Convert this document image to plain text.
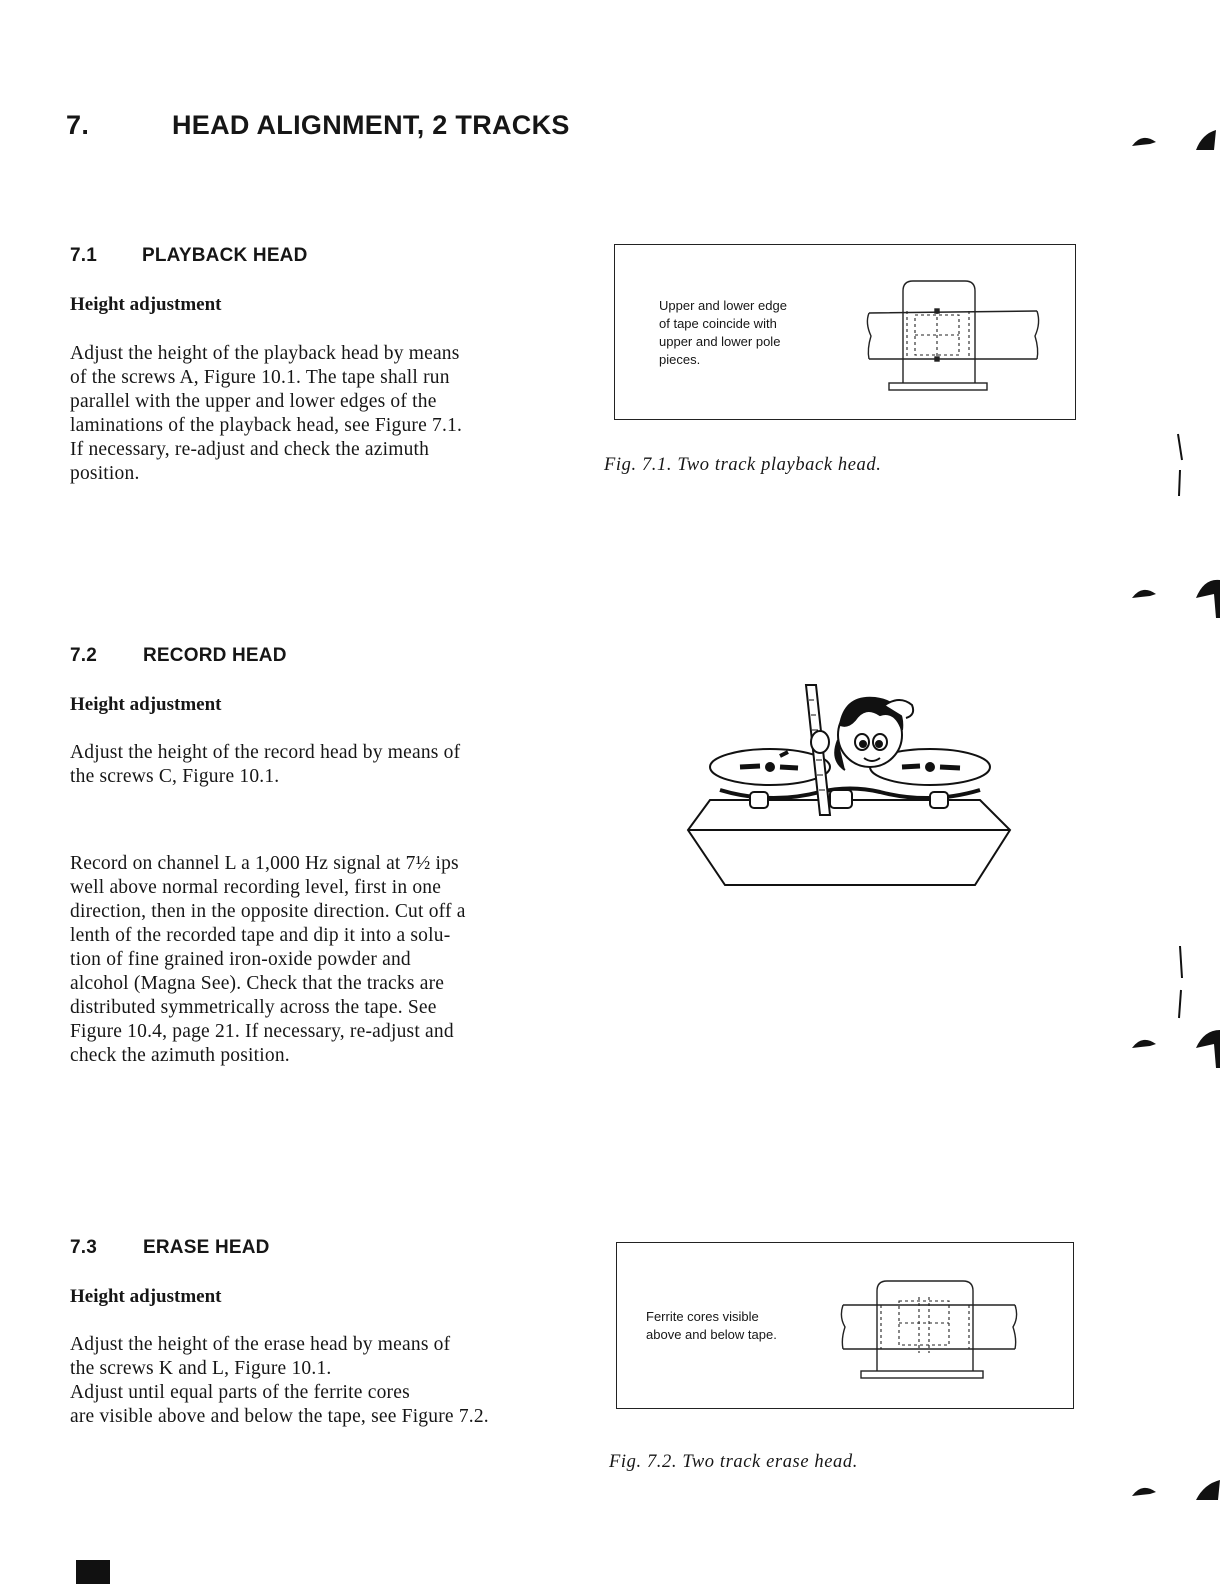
7.	HEAD ALIGNMENT, 2 TRACKS
7.1 PLAYBACK HEAD
Height adjustment
Adjust the height of the playback head by means
of the screws A, Figure 10.1. The tape shall run
parallel with the upper and lower edges of the
laminations of the playback head, see Figure 7.1.
If necessary, re-adjust and check the azimuth
position.
Upper and lower edge
of tape coincide with
upper and lower pole
pieces.
Fig. 7.1. Two track playback head.
7.2 RECORD HEAD
Height adjustment
Adjust the height of the record head by means of
the screws C, Figure 10.1.
Record on channel L a 1,000 Hz signal at 7½ ips
well above normal recording level, first in one
direction, then in the opposite direction. Cut off a
lenth of the recorded tape and dip it into a solu-
tion of fine grained iron-oxide powder and
alcohol (Magna See). Check that the tracks are
distributed symmetrically across the tape. See
Figure 10.4, page 21. If necessary, re-adjust and
check the azimuth position.
7.3 ERASE HEAD
Height adjustment
Adjust the height of the erase head by means of
the screws K and L, Figure 10.1.
Adjust until equal parts of the ferrite cores
are visible above and below the tape, see Figure 7.2.
Ferrite cores visible
above and below tape.
Fig. 7.2. Two track erase head.
